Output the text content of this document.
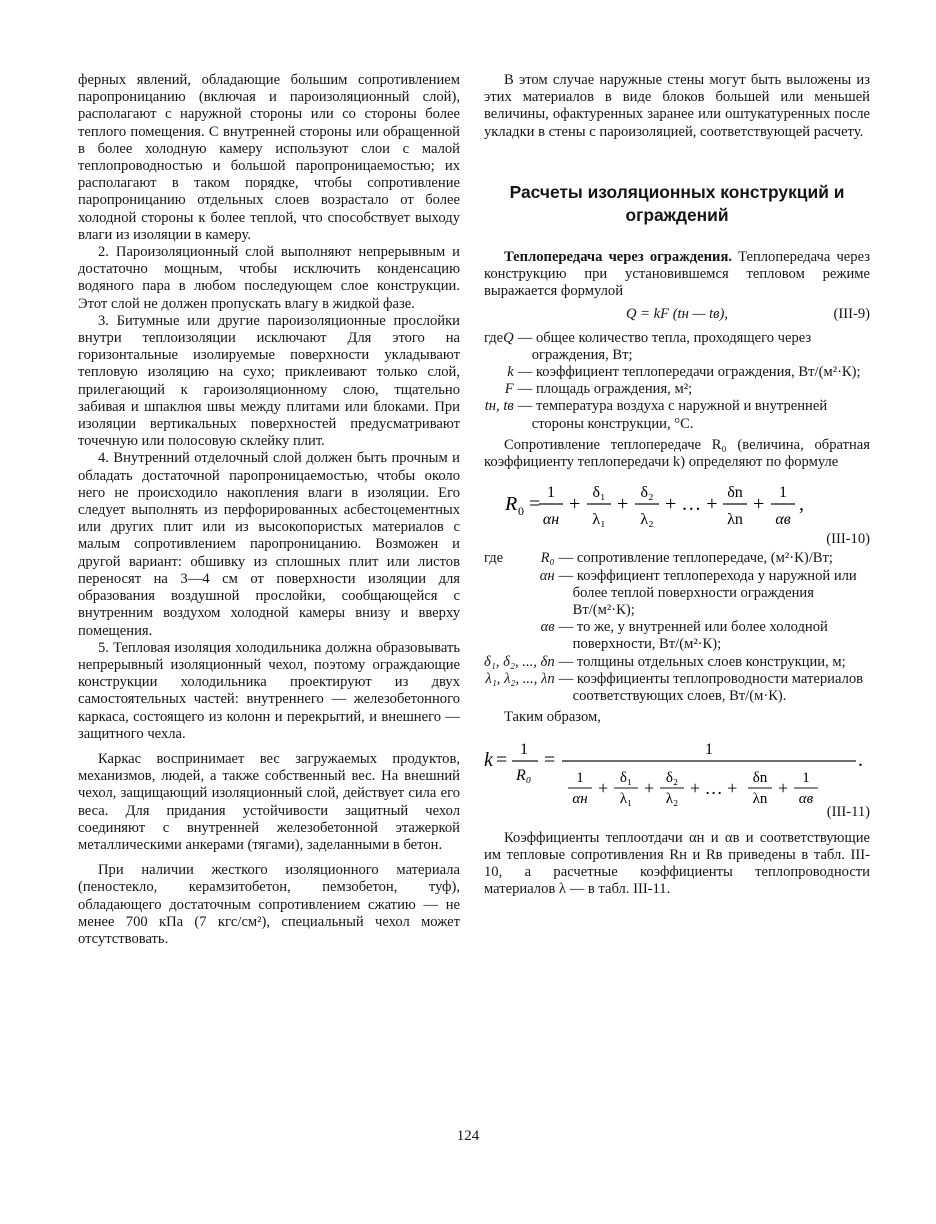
ферных явлений, обладающие большим сопротивлением паропроницанию (включая и пароизоляционный слой), располагают с наружной стороны или со стороны более теплого помещения. С внутренней стороны или обращенной в более холодную камеру используют слои с малой теплопроводностью и большой паропроницаемостью; их располагают в таком порядке, чтобы сопротивление паропроницанию отдельных слоев возрастало от более холодной стороны к более теплой, что способствует выходу влаги из изоляции в камеру.

2. Пароизоляционный слой выполняют непрерывным и достаточно мощным, чтобы исключить конденсацию водяного пара в любом последующем слое конструкции. Этот слой не должен пропускать влагу в жидкой фазе.

3. Битумные или другие пароизоляционные прослойки внутри теплоизоляции исключают Для этого на горизонтальные изолируемые поверхности укладывают тепловую изоляцию на сухо; приклеивают только слой, прилегающий к гароизоляционному слою, тщательно забивая и шпаклюя швы между плитами или блоками. При изоляции вертикальных поверхностей предусматривают точечную или полосовую склейку плит.

4. Внутренний отделочный слой должен быть прочным и обладать достаточной паропроницаемостью, чтобы около него не происходило накопления влаги в изоляции. Его следует выполнять из перфорированных асбестоцементных или других плит или из высокопористых материалов с малым сопротивлением паропроницанию. Возможен и другой вариант: обшивку из сплошных плит или листов переносят на 3—4 см от поверхности изоляции для образования воздушной прослойки, сообщающейся с внутренним воздухом холодной камеры внизу и вверху помещения.

5. Тепловая изоляция холодильника должна образовывать непрерывный изоляционный чехол, поэтому ограждающие конструкции холодильника проектируют из двух самостоятельных частей: внутреннего — железобетонного каркаса, состоящего из колонн и перекрытий, и внешнего — защитного чехла.

Каркас воспринимает вес загружаемых продуктов, механизмов, людей, а также собственный вес. На внешний чехол, защищающий изоляционный слой, действует сила его веса. Для придания устойчивости защитный чехол соединяют с внутренней железобетонной этажеркой металлическими анкерами (тягами), заделанными в бетон.

При наличии жесткого изоляционного материала (пеностекло, керамзитобетон, пемзобетон, туф), обладающего достаточным сопротивлением сжатию — не менее 700 кПа (7 кгс/см²), специальный чехол может отсутствовать.

В этом случае наружные стены могут быть выложены из этих материалов в виде блоков большей или меньшей величины, офактуренных заранее или оштукатуренных после укладки в стены с пароизоляцией, соответствующей расчету.

Расчеты изоляционных конструкций и ограждений

Теплопередача через ограждения. Теплопередача через конструкцию при установившемся тепловом режиме выражается формулой

Q = kF (tн — tв),	(III-9)
где Q — общее количество тепла, проходящего через ограждения, Вт;
k — коэффициент теплопередачи ограждения, Вт/(м²·К);
F — площадь ограждения, м²;
tн, tв — температура воздуха с наружной и внутренней стороны конструкции, °С.

Сопротивление теплопередаче R₀ (величина, обратная коэффициенту теплопередачи k) определяют по формуле

R 0 =
1
αн
+
δ₁
λ₁
+
δ₂
λ₂
+ … +
δn
λn
+
1
αв
,
(III-10)
где	R₀ — сопротивление теплопередаче, (м²·К)/Вт;
αн — коэффициент теплоперехода у наружной или более теплой поверхности ограждения Вт/(м²·К);
αв — то же, у внутренней или более холодной поверхности, Вт/(м²·К);
δ₁, δ₂, ..., δn — толщины отдельных слоев конструкции, м;
λ₁, λ₂, ..., λn — коэффициенты теплопроводности материалов соответствующих слоев, Вт/(м·К).

Таким образом,

k = 1
R₀
=	1	.
1
αн
+ δ₁
λ₁
+ δ₂
λ₂
+ … + δn
λn
+ 1
αв
(III-11)

Коэффициенты теплоотдачи αн и αв и соответствующие им тепловые сопротивления Rн и Rв приведены в табл. III-10, а расчетные коэффициенты теплопроводности материалов λ — в табл. III-11.

124
